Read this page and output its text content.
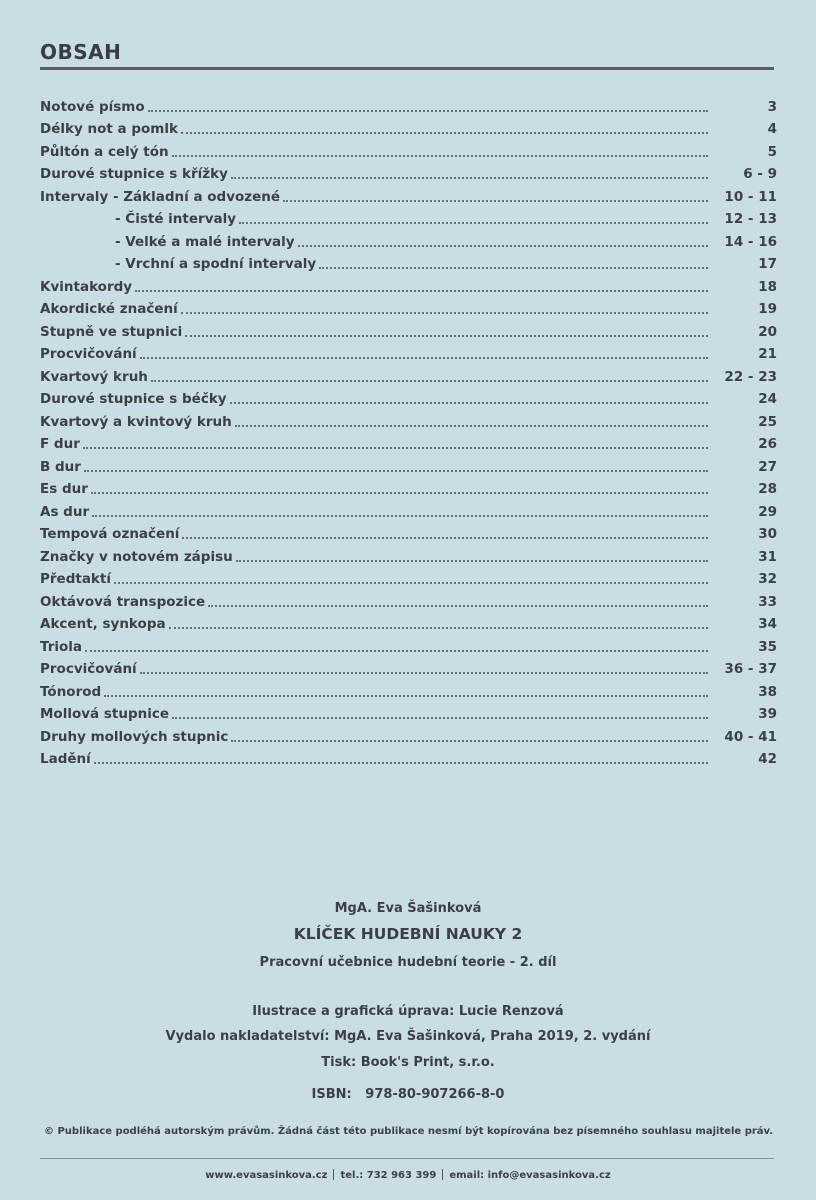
OBSAH
Notové písmo	3
Délky not a pomlk	4
Půltón a celý tón	5
Durové stupnice s křížky	6 - 9
Intervaly - Základní a odvozené	10 - 11
- Čisté intervaly	12 - 13
- Velké a malé intervaly	14 - 16
- Vrchní a spodní intervaly	17
Kvintakordy	18
Akordické značení	19
Stupně ve stupnici	20
Procvičování	21
Kvartový kruh	22 - 23
Durové stupnice s béčky	24
Kvartový a kvintový kruh	25
F dur	26
B dur	27
Es dur	28
As dur	29
Tempová označení	30
Značky v notovém zápisu	31
Předtaktí	32
Oktávová transpozice	33
Akcent, synkopa	34
Triola	35
Procvičování	36 - 37
Tónorod	38
Mollová stupnice	39
Druhy mollových stupnic	40 - 41
Ladění	42
MgA. Eva Šašinková
KLÍČEK HUDEBNÍ NAUKY 2
Pracovní učebnice hudební teorie - 2. díl
Ilustrace a grafická úprava: Lucie Renzová
Vydalo nakladatelství: MgA. Eva Šašinková, Praha 2019, 2. vydání
Tisk: Book's Print, s.r.o.
ISBN:   978-80-907266-8-0
© Publikace podléhá autorským právům. Žádná část této publikace nesmí být kopírována bez písemného souhlasu majitele práv.
www.evasasinkova.cz tel.: 732 963 399 email: info@evasasinkova.cz
